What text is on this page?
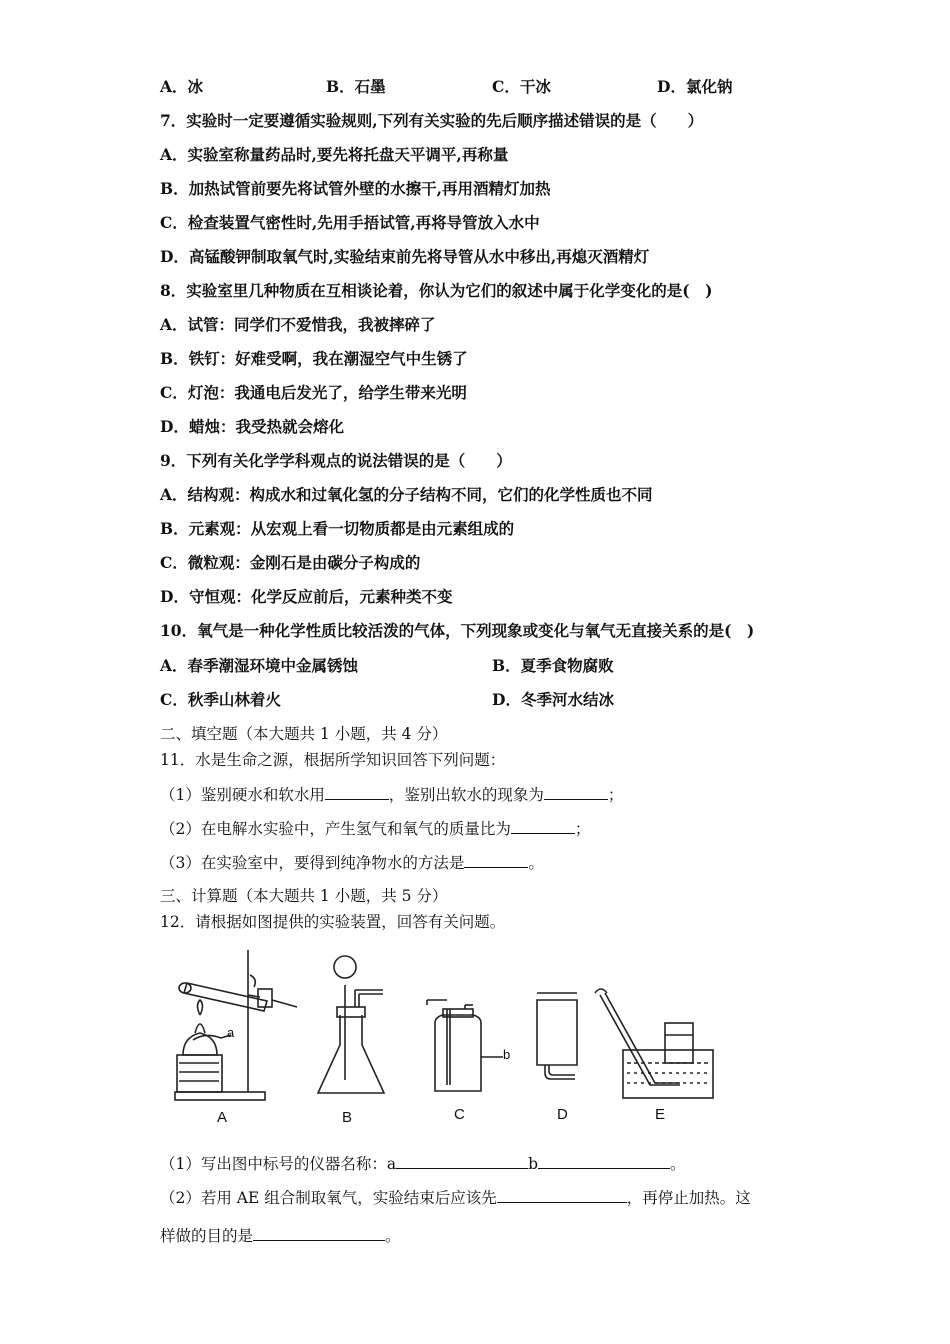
A．冰	B．石墨	C．干冰	D．氯化钠
7．实验时一定要遵循实验规则,下列有关实验的先后顺序描述错误的是（　　）
A．实验室称量药品时,要先将托盘天平调平,再称量
B．加热试管前要先将试管外壁的水擦干,再用酒精灯加热
C．检查装置气密性时,先用手捂试管,再将导管放入水中
D．高锰酸钾制取氧气时,实验结束前先将导管从水中移出,再熄灭酒精灯
8．实验室里几种物质在互相谈论着，你认为它们的叙述中属于化学变化的是(　)
A．试管：同学们不爱惜我，我被摔碎了
B．铁钉：好难受啊，我在潮湿空气中生锈了
C．灯泡：我通电后发光了，给学生带来光明
D．蜡烛：我受热就会熔化
9．下列有关化学学科观点的说法错误的是（　　）
A．结构观：构成水和过氧化氢的分子结构不同，它们的化学性质也不同
B．元素观：从宏观上看一切物质都是由元素组成的
C．微粒观：金刚石是由碳分子构成的
D．守恒观：化学反应前后，元素种类不变
10．氧气是一种化学性质比较活泼的气体，下列现象或变化与氧气无直接关系的是(　)
A．春季潮湿环境中金属锈蚀	B．夏季食物腐败
C．秋季山林着火	D．冬季河水结冰
二、填空题（本大题共 1 小题，共 4 分）
11．水是生命之源，根据所学知识回答下列问题：
（1）鉴别硬水和软水用	，鉴别出软水的现象为	；
（2）在电解水实验中，产生氢气和氧气的质量比为	；
（3）在实验室中，要得到纯净物水的方法是	。
三、计算题（本大题共 1 小题，共 5 分）
12．请根据如图提供的实验装置，回答有关问题。
A	B	C	D	E
a
b
（1）写出图中标号的仪器名称：a	b	。
（2）若用 AE 组合制取氧气，实验结束后应该先	，再停止加热。这
样做的目的是	。
